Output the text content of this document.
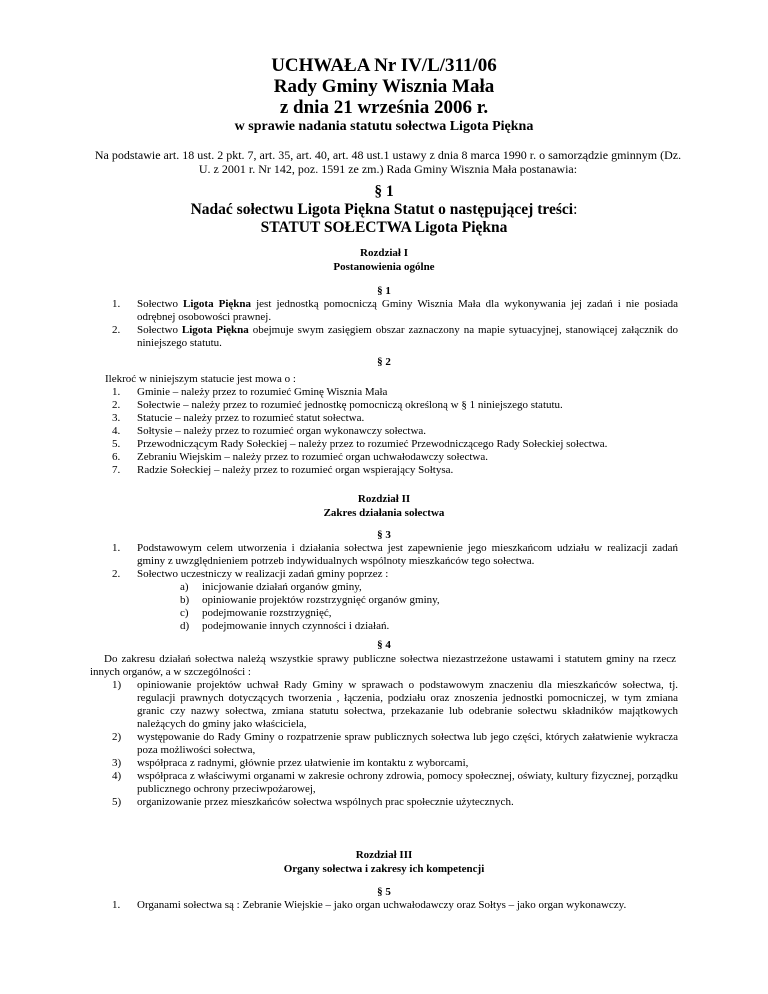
UCHWAŁA Nr IV/L/311/06
Rady Gminy Wisznia Mała
z dnia 21 września 2006 r.
w sprawie nadania statutu sołectwa Ligota Piękna
Na podstawie art. 18 ust. 2 pkt. 7, art. 35, art. 40, art. 48 ust.1 ustawy z dnia 8 marca 1990 r. o samorządzie gminnym (Dz. U. z 2001 r. Nr 142, poz. 1591 ze zm.) Rada Gminy Wisznia Mała postanawia:
§ 1
Nadać sołectwu Ligota Piękna Statut o następującej treści:
STATUT SOŁECTWA Ligota Piękna
Rozdział I
Postanowienia ogólne
§ 1
1. Sołectwo Ligota Piękna jest jednostką pomocniczą Gminy Wisznia Mała dla wykonywania jej zadań i nie posiada odrębnej osobowości prawnej.
2. Sołectwo Ligota Piękna obejmuje swym zasięgiem obszar zaznaczony na mapie sytuacyjnej, stanowiącej załącznik do niniejszego statutu.
§ 2
Ilekroć w niniejszym statucie jest mowa o :
1. Gminie – należy przez to rozumieć Gminę Wisznia Mała
2. Sołectwie – należy przez to rozumieć jednostkę pomocniczą określoną w § 1 niniejszego statutu.
3. Statucie – należy przez to rozumieć statut sołectwa.
4. Sołtysie – należy przez to rozumieć organ wykonawczy sołectwa.
5. Przewodniczącym Rady Sołeckiej – należy przez to rozumieć Przewodniczącego Rady Sołeckiej sołectwa.
6. Zebraniu Wiejskim – należy przez to rozumieć organ uchwałodawczy sołectwa.
7. Radzie Sołeckiej – należy przez to rozumieć organ wspierający Sołtysa.
Rozdział II
Zakres działania sołectwa
§ 3
1. Podstawowym celem utworzenia i działania sołectwa jest zapewnienie jego mieszkańcom udziału w realizacji zadań gminy z uwzględnieniem potrzeb indywidualnych wspólnoty mieszkańców tego sołectwa.
2. Sołectwo uczestniczy w realizacji zadań gminy poprzez :
a) inicjowanie działań organów gminy,
b) opiniowanie projektów rozstrzygnięć organów gminy,
c) podejmowanie rozstrzygnięć,
d) podejmowanie innych czynności i działań.
§ 4
Do zakresu działań sołectwa należą wszystkie sprawy publiczne sołectwa niezastrzeżone ustawami i statutem gminy na rzecz innych organów, a w szczególności :
1) opiniowanie projektów uchwał Rady Gminy w sprawach o podstawowym znaczeniu dla mieszkańców sołectwa, tj. regulacji prawnych dotyczących tworzenia , łączenia, podziału oraz znoszenia jednostki pomocniczej, w tym zmiana granic czy nazwy sołectwa, zmiana statutu sołectwa, przekazanie lub odebranie sołectwu składników majątkowych należących do gminy jako właściciela,
2) występowanie do Rady Gminy o rozpatrzenie spraw publicznych sołectwa lub jego części, których załatwienie wykracza poza możliwości sołectwa,
3) współpraca z radnymi, głównie przez ułatwienie im kontaktu z wyborcami,
4) współpraca z właściwymi organami w zakresie ochrony zdrowia, pomocy społecznej, oświaty, kultury fizycznej, porządku publicznego ochrony przeciwpożarowej,
5) organizowanie przez mieszkańców sołectwa wspólnych prac społecznie użytecznych.
Rozdział III
Organy sołectwa i zakresy ich kompetencji
§ 5
1. Organami sołectwa są : Zebranie Wiejskie – jako organ uchwałodawczy oraz Sołtys – jako organ wykonawczy.
